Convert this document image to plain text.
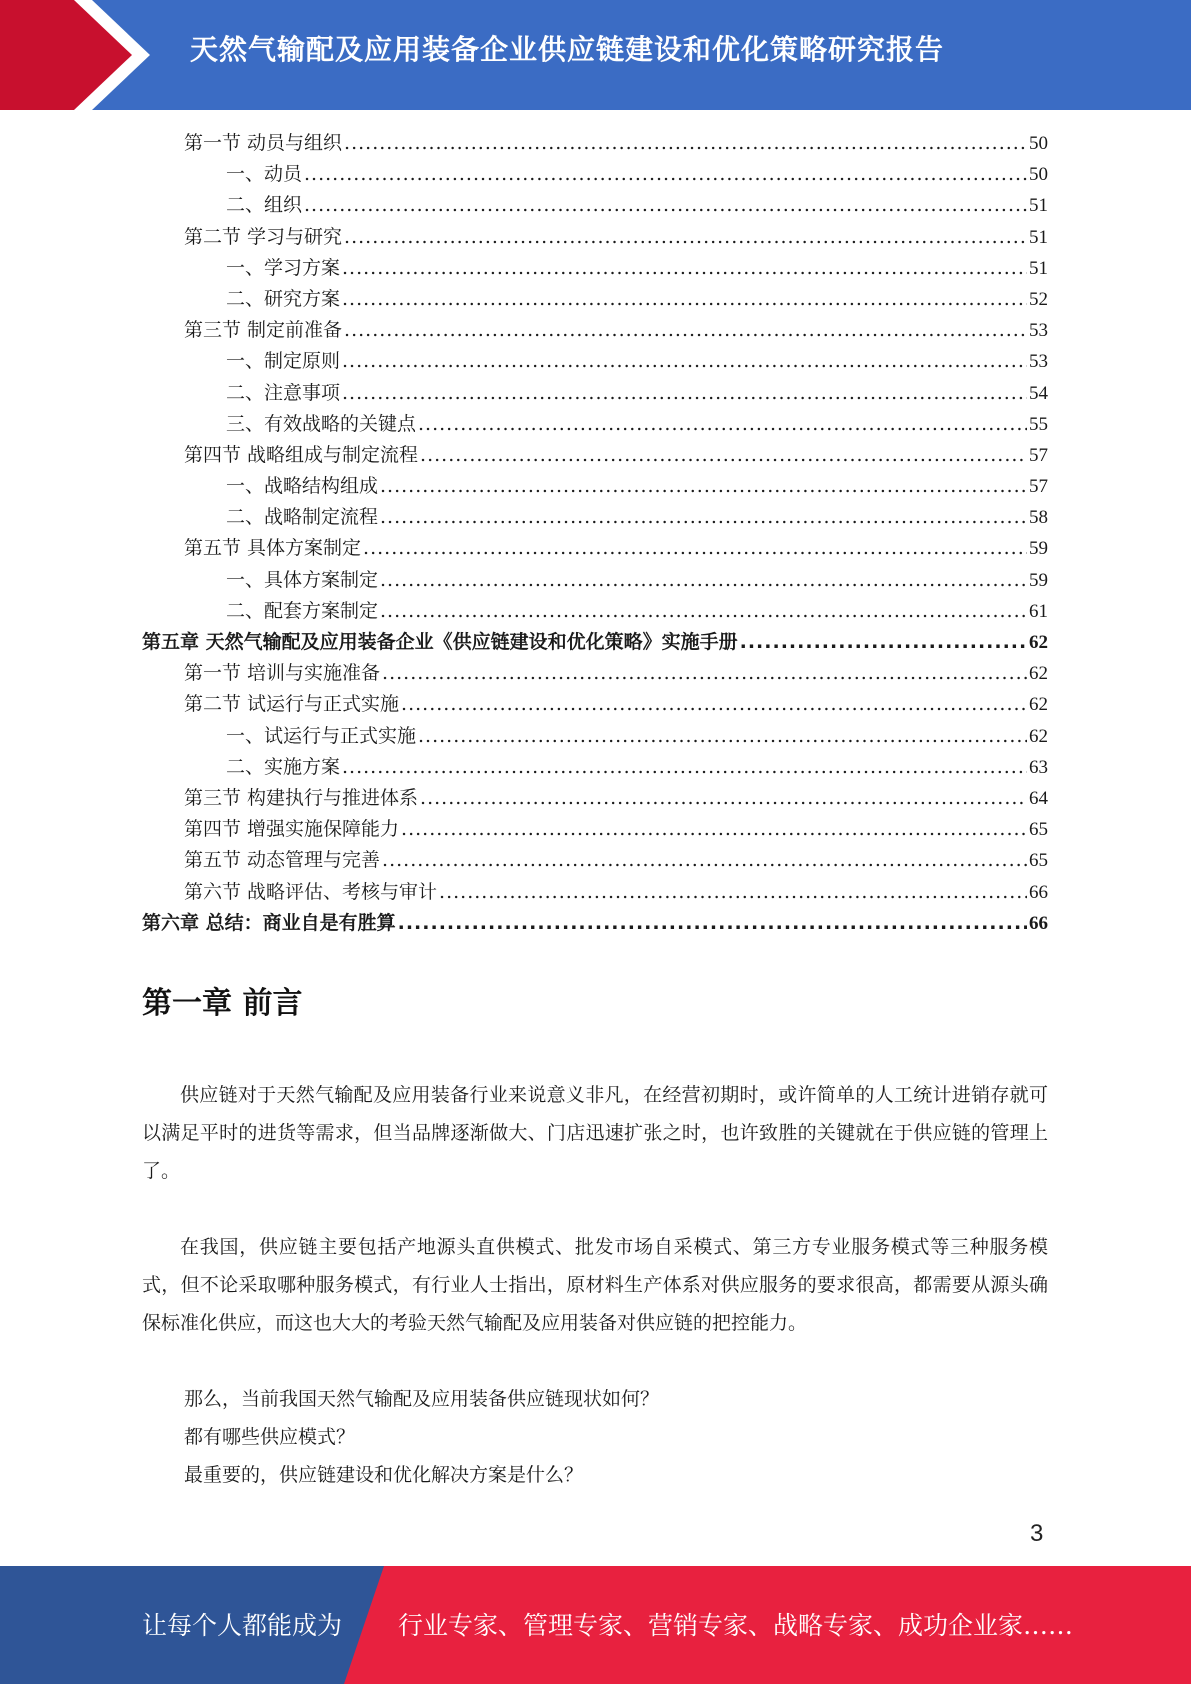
天然气输配及应用装备企业供应链建设和优化策略研究报告
第一节 动员与组织 .....	50
一、动员 .....	50
二、组织 .....	51
第二节 学习与研究 .....	51
一、学习方案 .....	51
二、研究方案 .....	52
第三节 制定前准备 .....	53
一、制定原则 .....	53
二、注意事项 .....	54
三、有效战略的关键点 .....	55
第四节 战略组成与制定流程 .....	57
一、战略结构组成 .....	57
二、战略制定流程 .....	58
第五节 具体方案制定 .....	59
一、具体方案制定 .....	59
二、配套方案制定 .....	61
第五章 天然气输配及应用装备企业《供应链建设和优化策略》实施手册 .....	62
第一节 培训与实施准备 .....	62
第二节 试运行与正式实施 .....	62
一、试运行与正式实施 .....	62
二、实施方案 .....	63
第三节 构建执行与推进体系 .....	64
第四节 增强实施保障能力 .....	65
第五节 动态管理与完善 .....	65
第六节 战略评估、考核与审计 .....	66
第六章 总结：商业自是有胜算 .....	66
第一章 前言

供应链对于天然气输配及应用装备行业来说意义非凡，在经营初期时，或许简单的人工统计进销存就可以满足平时的进货等需求，但当品牌逐渐做大、门店迅速扩张之时，也许致胜的关键就在于供应链的管理上了。

在我国，供应链主要包括产地源头直供模式、批发市场自采模式、第三方专业服务模式等三种服务模式，但不论采取哪种服务模式，有行业人士指出，原材料生产体系对供应服务的要求很高，都需要从源头确保标准化供应，而这也大大的考验天然气输配及应用装备对供应链的把控能力。

那么，当前我国天然气输配及应用装备供应链现状如何？
都有哪些供应模式？
最重要的，供应链建设和优化解决方案是什么？
3
让每个人都能成为 行业专家、管理专家、营销专家、战略专家、成功企业家……
